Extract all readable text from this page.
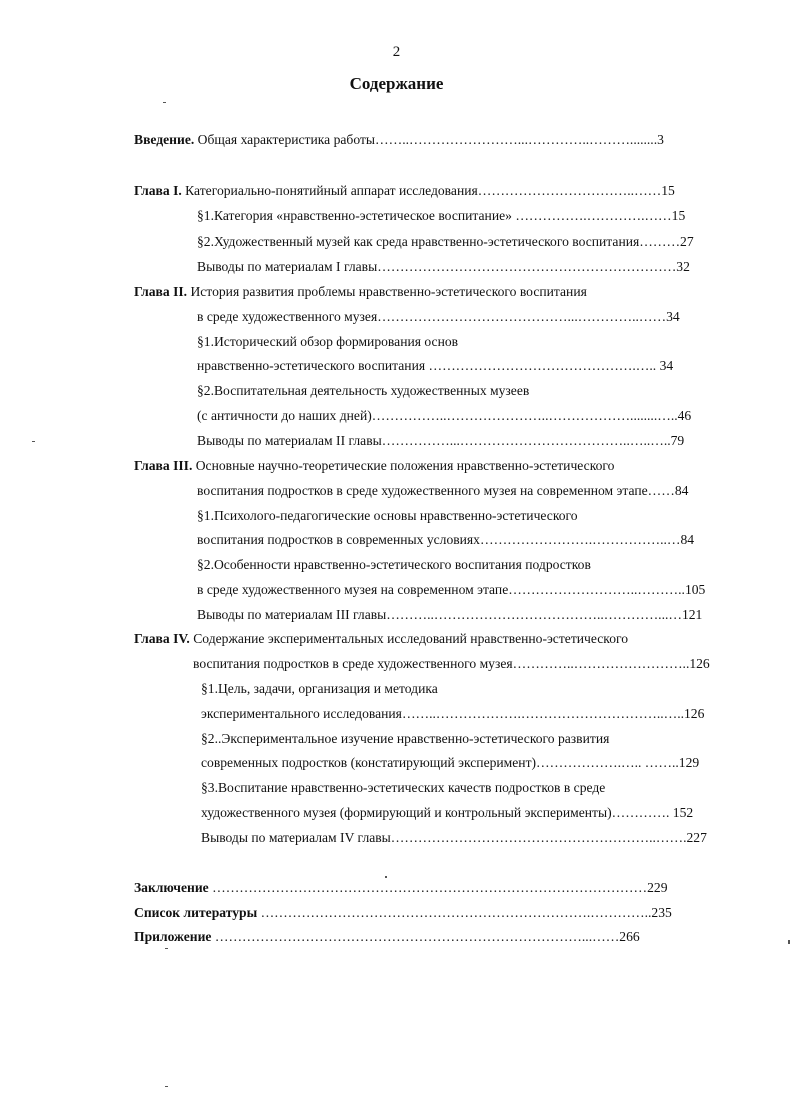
2
Содержание
Введение. Общая характеристика работы……..……………………...…………..………........3
Глава I. Категориально-понятийный аппарат исследования……………………………..……15
§1.Категория «нравственно-эстетическое воспитание» …………….………….……15
§2.Художественный музей как среда нравственно-эстетического воспитания………27
Выводы по материалам I главы…………………………………………………………32
Глава II. История развития проблемы нравственно-эстетического воспитания
в среде художественного музея……………………………………...…………..……34
§1.Исторический обзор формирования основ
нравственно-эстетического воспитания ……………………………………….….. 34
§2.Воспитательная деятельность художественных музеев
(с античности до наших дней)……………..…………………..………………........…..46
Выводы по материалам II главы……………...………………………………..…..…..79
Глава III. Основные научно-теоретические положения нравственно-эстетического
воспитания подростков в среде художественного музея на современном этапе……84
§1.Психолого-педагогические основы нравственно-эстетического
воспитания подростков в современных условиях…………………….……………..…84
§2.Особенности нравственно-эстетического воспитания подростков
в среде художественного музея на современном этапе………………………..………..105
Выводы по материалам III главы………..………………………………..…………...…121
Глава IV. Содержание экспериментальных исследований нравственно-эстетического
воспитания подростков в среде художественного музея…………..……………………..126
§1.Цель, задачи, организация и методика
экспериментального исследования……..……………….…………………………..…..126
§2..Экспериментальное изучение нравственно-эстетического развития
современных подростков (констатирующий эксперимент)……………….….. ……..129
§3.Воспитание нравственно-эстетических качеств подростков в среде
художественного музея (формирующий и контрольный эксперименты)…………. 152
Выводы по материалам IV главы…………………………………………………..…….227
Заключение ……………………………………………………………………………………229
Список литературы ……………………………………………………………….…………..235
Приложение ………………………………………………………………………...……266
